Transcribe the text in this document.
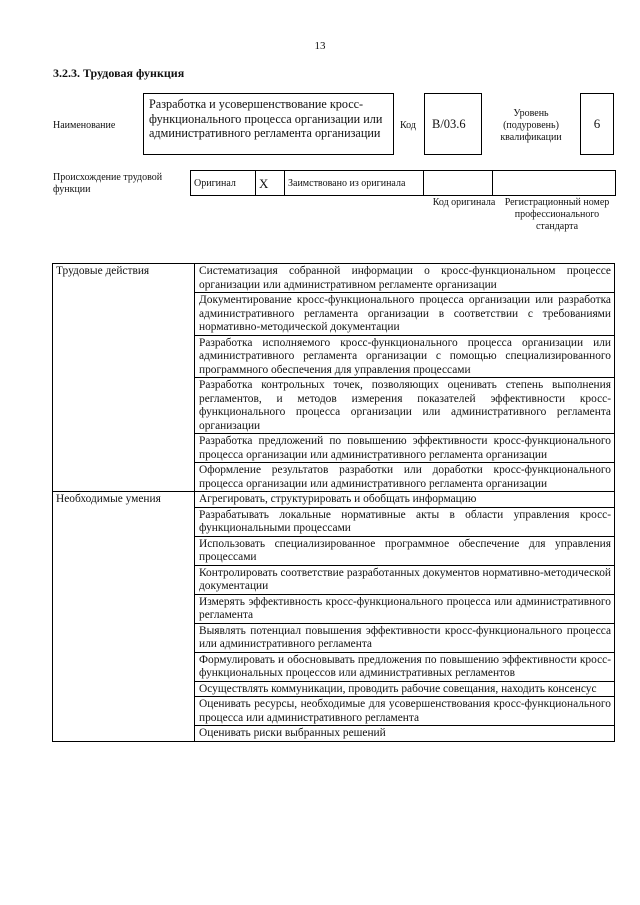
13
3.2.3. Трудовая функция
Наименование
Разработка и усовершенствование кросс-функционального процесса организации или административного регламента организации
Код B/03.6
Уровень (подуровень) квалификации
6
Происхождение трудовой функции
Оригинал	X	Заимствовано из оригинала		
Код оригинала Регистрационный номер профессионального стандарта
Трудовые действия	Систематизация собранной информации о кросс-функциональном процессе организации или административном регламенте организации
	Документирование кросс-функционального процесса организации или разработка административного регламента организации в соответствии с требованиями нормативно-методической документации
	Разработка исполняемого кросс-функционального процесса организации или административного регламента организации с помощью специализированного программного обеспечения для управления процессами
	Разработка контрольных точек, позволяющих оценивать степень выполнения регламентов, и методов измерения показателей эффективности кросс-функционального процесса организации или административного регламента организации
	Разработка предложений по повышению эффективности кросс-функционального процесса организации или административного регламента организации
	Оформление результатов разработки или доработки кросс-функционального процесса организации или административного регламента организации
Необходимые умения	Агрегировать, структурировать и обобщать информацию
	Разрабатывать локальные нормативные акты в области управления кросс-функциональными процессами
	Использовать специализированное программное обеспечение для управления процессами
	Контролировать соответствие разработанных документов нормативно-методической документации
	Измерять эффективность кросс-функционального процесса или административного регламента
	Выявлять потенциал повышения эффективности кросс-функционального процесса или административного регламента
	Формулировать и обосновывать предложения по повышению эффективности кросс-функциональных процессов или административных регламентов
	Осуществлять коммуникации, проводить рабочие совещания, находить консенсус
	Оценивать ресурсы, необходимые для усовершенствования кросс-функционального процесса или административного регламента
	Оценивать риски выбранных решений
